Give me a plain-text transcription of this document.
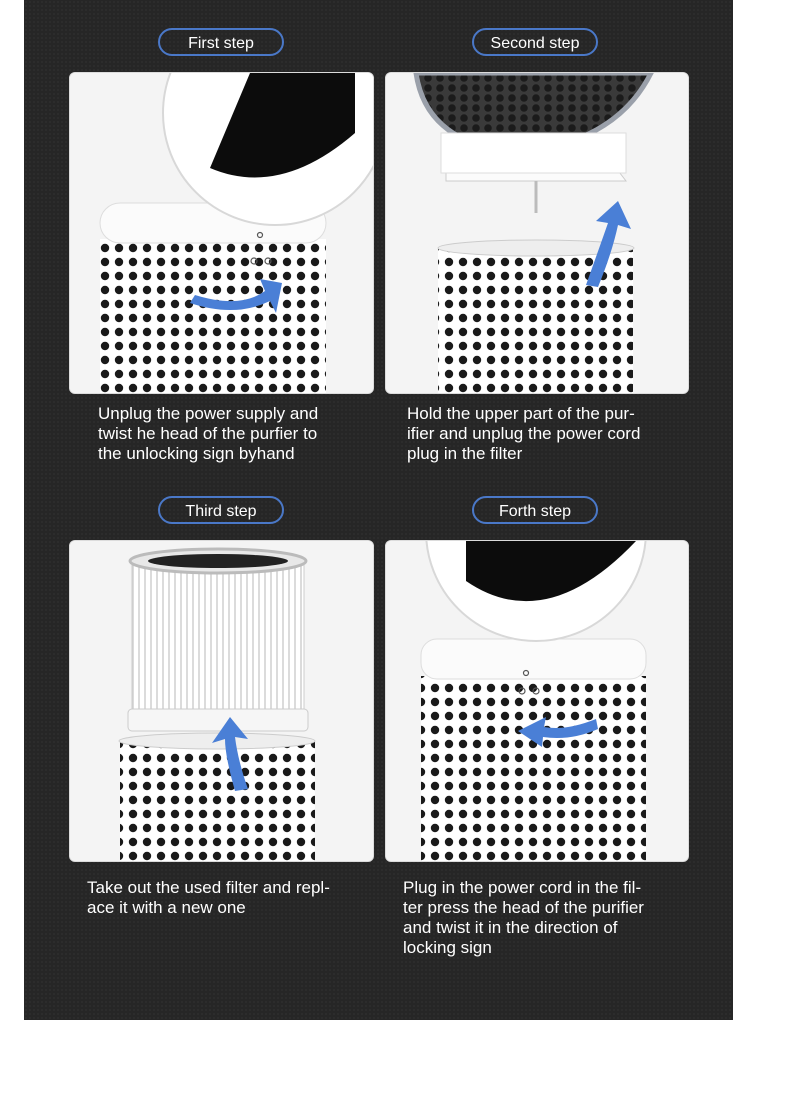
First step
Unplug the power supply and
twist he head of the purfier to
the unlocking sign byhand
Second step
Hold the upper part of the pur-
ifier and unplug the power cord
plug in the filter
Third step
Take out the used filter and repl-
ace it with a new one
Forth step
Plug in the power cord in the fil-
ter press the head of the purifier
and twist it in the direction of
locking sign
